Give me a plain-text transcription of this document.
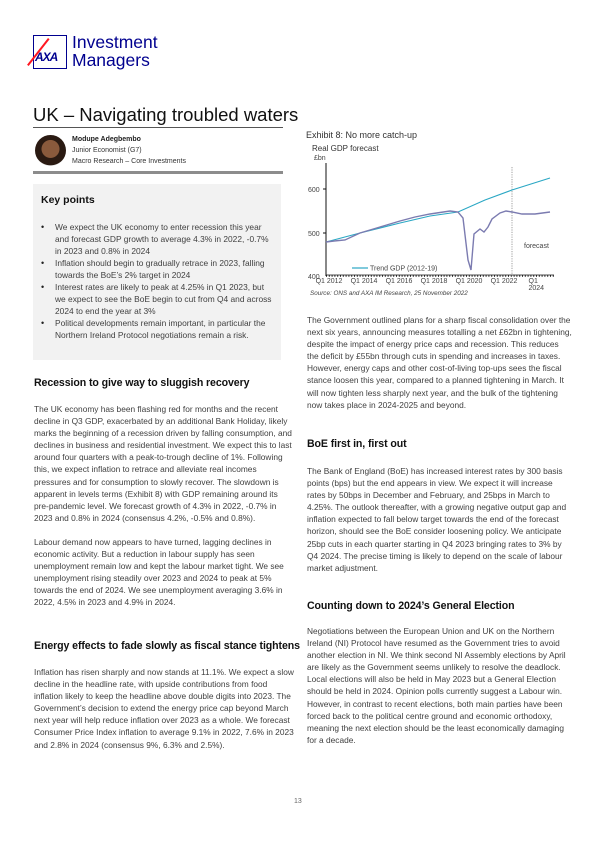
AXA
Investment
Managers
UK – Navigating troubled waters
Modupe Adegbembo
Junior Economist (G7)
Macro Research – Core Investments
Key points
• We expect the UK economy to enter recession this year and forecast GDP growth to average 4.3% in 2022, -0.7% in 2023 and 0.8% in 2024
• Inflation should begin to gradually retrace in 2023, falling towards the BoE’s 2% target in 2024
• Interest rates are likely to peak at 4.25% in Q1 2023, but we expect to see the BoE begin to cut from Q4 and across 2024 to end the year at 3%
• Political developments remain important, in particular the Northern Ireland Protocol negotiations remain a risk.
Exhibit 8: No more catch-up
Real GDP forecast
£bn
600
500
400
forecast
Trend GDP (2012-19)
Q1 2012 Q1 2014 Q1 2016 Q1 2018 Q1 2020 Q1 2022 Q1 2024
Source: ONS and AXA IM Research, 25 November 2022

The Government outlined plans for a sharp fiscal consolidation over the next six years, announcing measures totalling a net £62bn in tightening, despite the impact of energy price caps and recession. This reduces the deficit by £55bn through cuts in spending and increases in taxes. However, energy caps and other cost-of-living top-ups sees the fiscal stance loosen this year, compared to a planned tightening in March. It will now tighten less sharply next year, and the bulk of the tightening now takes place in 2024-2025 and beyond.

BoE first in, first out

The Bank of England (BoE) has increased interest rates by 300 basis points (bps) but the end appears in view. We expect it will increase rates by 50bps in December and February, and 25bps in March to 4.25%. The outlook thereafter, with a growing negative output gap and inflation expected to fall below target towards the end of the forecast horizon, should see the BoE consider loosening policy. We anticipate 25bp cuts in each quarter starting in Q4 2023 bringing rates to 3% by Q4 2024. The precise timing is likely to depend on the scale of labour market adjustment.

Counting down to 2024’s General Election

Negotiations between the European Union and UK on the Northern Ireland (NI) Protocol have resumed as the Government tries to avoid another election in NI. We think second NI Assembly elections by April are likely as the Government seems unlikely to resolve the deadlock. Local elections will also be held in May 2023 but a General Election should be held in 2024. Opinion polls currently suggest a Labour win. However, in contrast to recent elections, both main parties have been forced back to the political centre ground and economic orthodoxy, meaning the next election should be the least economically damaging for a decade.

Recession to give way to sluggish recovery

The UK economy has been flashing red for months and the recent decline in Q3 GDP, exacerbated by an additional Bank Holiday, likely marks the beginning of a recession driven by falling consumption, and declines in business and residential investment. We expect this to last around four quarters with a peak-to-trough decline of 1%. Following this, we expect inflation to retrace and alleviate real incomes pressures and for consumption to slowly recover. The slowdown is apparent in levels terms (Exhibit 8) with GDP remaining around its pre-pandemic level. We forecast growth of 4.3% in 2022, -0.7% in 2023 and 0.8% in 2024 (consensus 4.2%, -0.5% and 0.8%).

Labour demand now appears to have turned, lagging declines in economic activity. But a reduction in labour supply has seen unemployment remain low and kept the labour market tight. We see unemployment rising steadily over 2023 and 2024 to peak at 5% towards the end of 2024. We see unemployment averaging 3.6% in 2022, 4.5% in 2023 and 4.9% in 2024.

Energy effects to fade slowly as fiscal stance tightens

Inflation has risen sharply and now stands at 11.1%. We expect a slow decline in the headline rate, with upside contributions from food inflation likely to keep the headline above double digits into 2023. The Government’s decision to extend the energy price cap beyond March next year will help reduce inflation over 2023 as a whole. We forecast Consumer Price Index inflation to average 9.1% in 2022, 7.6% in 2023 and 2.8% in 2024 (consensus 9%, 6.3% and 2.5%).

13
